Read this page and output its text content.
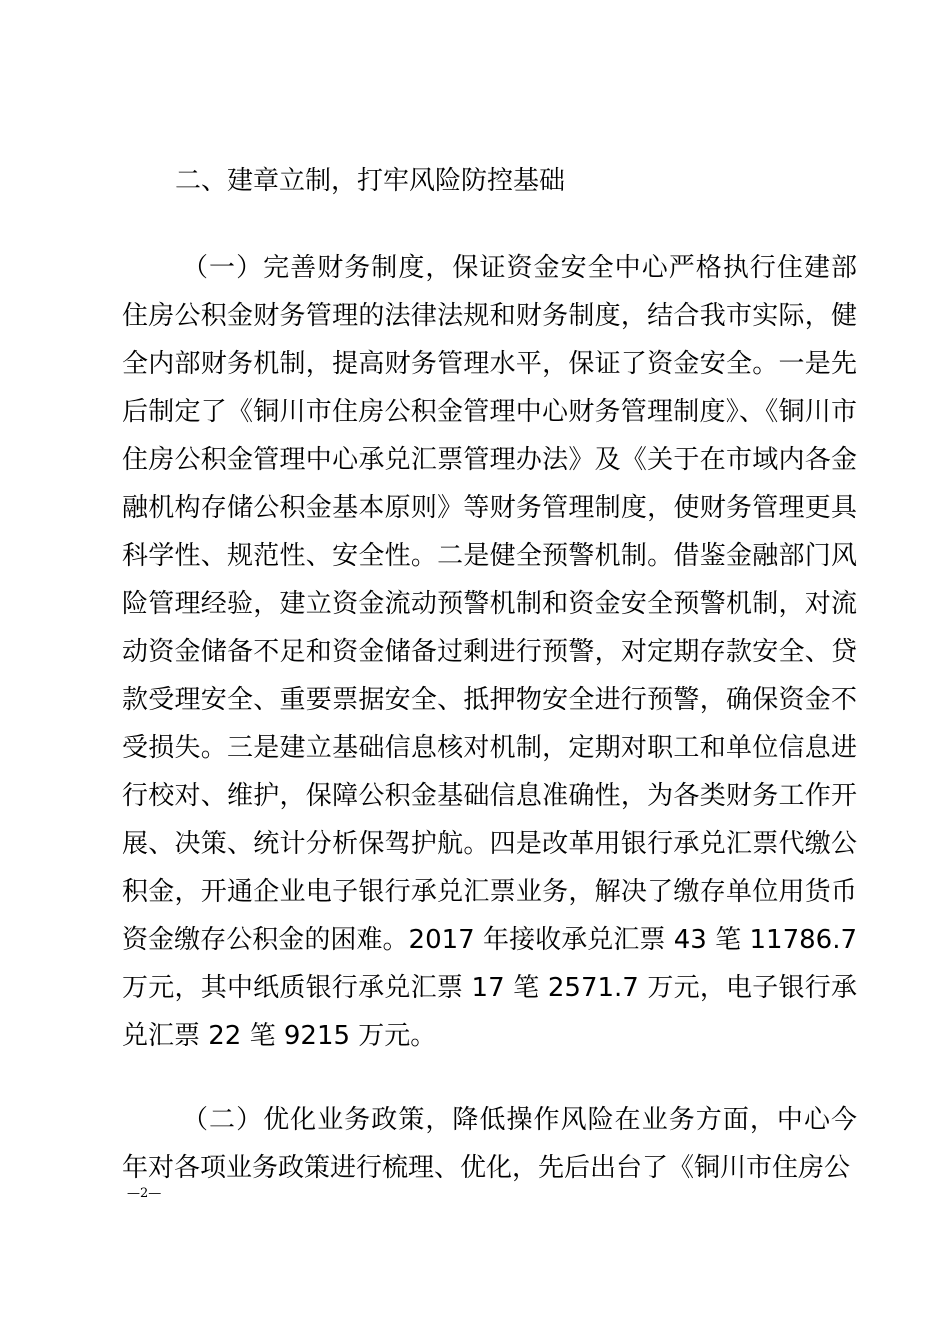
二、建章立制，打牢风险防控基础

（一）完善财务制度，保证资金安全中心严格执行住建部住房公积金财务管理的法律法规和财务制度，结合我市实际，健全内部财务机制，提高财务管理水平，保证了资金安全。一是先后制定了《铜川市住房公积金管理中心财务管理制度》、《铜川市住房公积金管理中心承兑汇票管理办法》及《关于在市域内各金融机构存储公积金基本原则》等财务管理制度，使财务管理更具科学性、规范性、安全性。二是健全预警机制。借鉴金融部门风险管理经验，建立资金流动预警机制和资金安全预警机制，对流动资金储备不足和资金储备过剩进行预警，对定期存款安全、贷款受理安全、重要票据安全、抵押物安全进行预警，确保资金不受损失。三是建立基础信息核对机制，定期对职工和单位信息进行校对、维护，保障公积金基础信息准确性，为各类财务工作开展、决策、统计分析保驾护航。四是改革用银行承兑汇票代缴公积金，开通企业电子银行承兑汇票业务，解决了缴存单位用货币资金缴存公积金的困难。2017 年接收承兑汇票 43 笔 11786.7 万元，其中纸质银行承兑汇票 17 笔 2571.7 万元，电子银行承兑汇票 22 笔 9215 万元。

（二）优化业务政策，降低操作风险在业务方面，中心今年对各项业务政策进行梳理、优化，先后出台了《铜川市住房公

—2—
